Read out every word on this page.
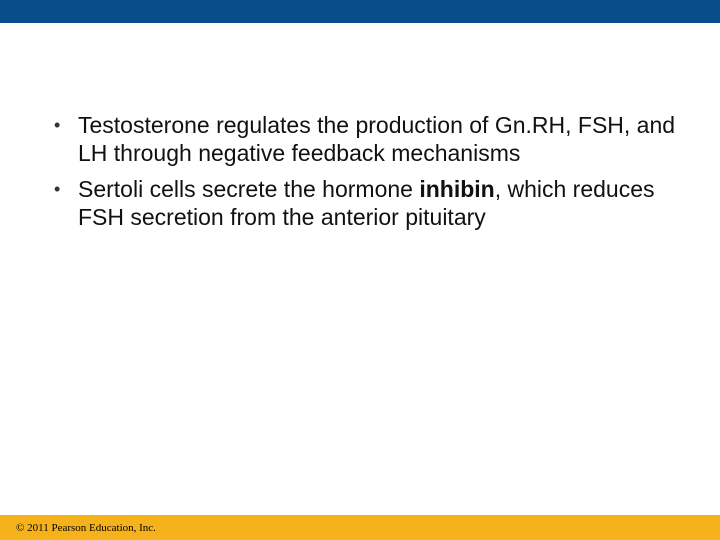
• Testosterone regulates the production of Gn.RH, FSH, and LH through negative feedback mechanisms
• Sertoli cells secrete the hormone inhibin, which reduces FSH secretion from the anterior pituitary
© 2011 Pearson Education, Inc.
